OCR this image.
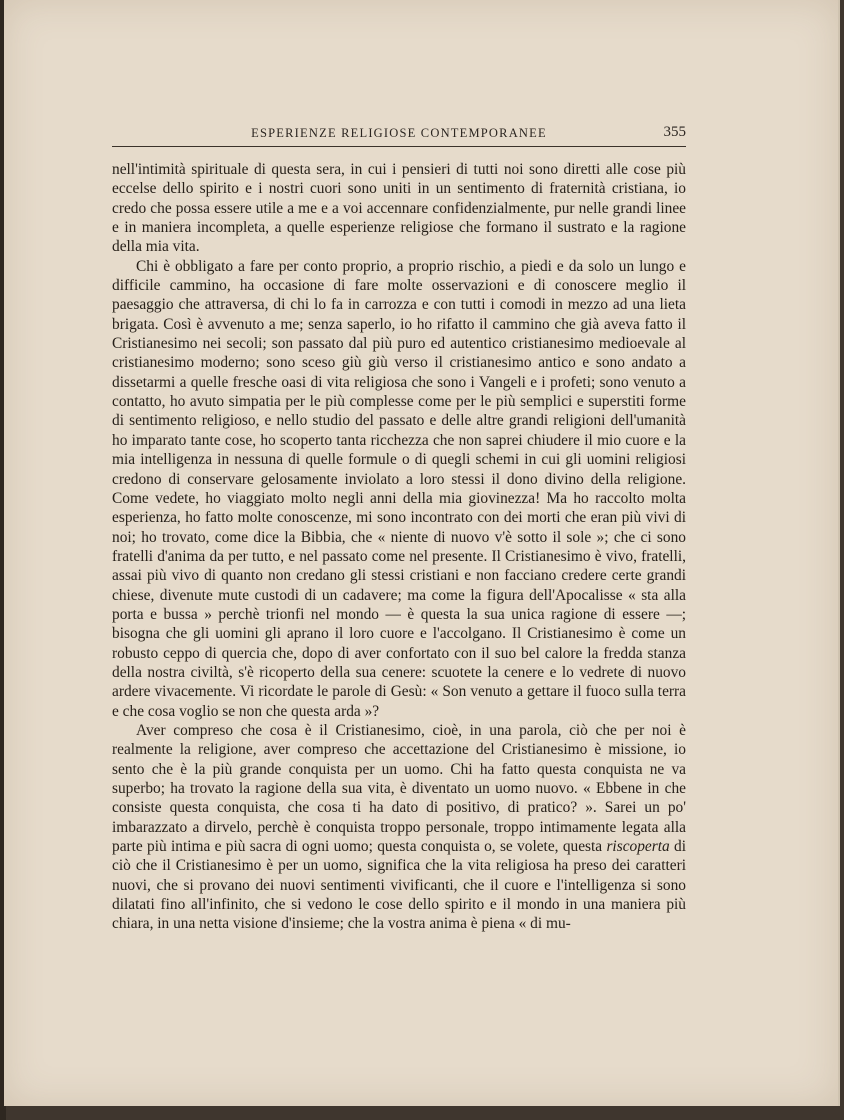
ESPERIENZE RELIGIOSE CONTEMPORANEE	355

nell'intimità spirituale di questa sera, in cui i pensieri di tutti noi sono diretti alle cose più eccelse dello spirito e i nostri cuori sono uniti in un sentimento di fraternità cristiana, io credo che possa essere utile a me e a voi accennare confidenzialmente, pur nelle grandi linee e in maniera incompleta, a quelle esperienze religiose che formano il sustrato e la ragione della mia vita.

Chi è obbligato a fare per conto proprio, a proprio rischio, a piedi e da solo un lungo e difficile cammino, ha occasione di fare molte osservazioni e di conoscere meglio il paesaggio che attraversa, di chi lo fa in carrozza e con tutti i comodi in mezzo ad una lieta brigata. Così è avvenuto a me; senza saperlo, io ho rifatto il cammino che già aveva fatto il Cristianesimo nei secoli; son passato dal più puro ed autentico cristianesimo medioevale al cristianesimo moderno; sono sceso giù giù verso il cristianesimo antico e sono andato a dissetarmi a quelle fresche oasi di vita religiosa che sono i Vangeli e i profeti; sono venuto a contatto, ho avuto simpatia per le più complesse come per le più semplici e superstiti forme di sentimento religioso, e nello studio del passato e delle altre grandi religioni dell'umanità ho imparato tante cose, ho scoperto tanta ricchezza che non saprei chiudere il mio cuore e la mia intelligenza in nessuna di quelle formule o di quegli schemi in cui gli uomini religiosi credono di conservare gelosamente inviolato a loro stessi il dono divino della religione. Come vedete, ho viaggiato molto negli anni della mia giovinezza! Ma ho raccolto molta esperienza, ho fatto molte conoscenze, mi sono incontrato con dei morti che eran più vivi di noi; ho trovato, come dice la Bibbia, che « niente di nuovo v'è sotto il sole »; che ci sono fratelli d'anima da per tutto, e nel passato come nel presente. Il Cristianesimo è vivo, fratelli, assai più vivo di quanto non credano gli stessi cristiani e non facciano credere certe grandi chiese, divenute mute custodi di un cadavere; ma come la figura dell'Apocalisse « sta alla porta e bussa » perchè trionfi nel mondo — è questa la sua unica ragione di essere —; bisogna che gli uomini gli aprano il loro cuore e l'accolgano. Il Cristianesimo è come un robusto ceppo di quercia che, dopo di aver confortato con il suo bel calore la fredda stanza della nostra civiltà, s'è ricoperto della sua cenere: scuotete la cenere e lo vedrete di nuovo ardere vivacemente. Vi ricordate le parole di Gesù: « Son venuto a gettare il fuoco sulla terra e che cosa voglio se non che questa arda »?

Aver compreso che cosa è il Cristianesimo, cioè, in una parola, ciò che per noi è realmente la religione, aver compreso che accettazione del Cristianesimo è missione, io sento che è la più grande conquista per un uomo. Chi ha fatto questa conquista ne va superbo; ha trovato la ragione della sua vita, è diventato un uomo nuovo. « Ebbene in che consiste questa conquista, che cosa ti ha dato di positivo, di pratico? ». Sarei un po' imbarazzato a dirvelo, perchè è conquista troppo personale, troppo intimamente legata alla parte più intima e più sacra di ogni uomo; questa conquista o, se volete, questa riscoperta di ciò che il Cristianesimo è per un uomo, significa che la vita religiosa ha preso dei caratteri nuovi, che si provano dei nuovi sentimenti vivificanti, che il cuore e l'intelligenza si sono dilatati fino all'infinito, che si vedono le cose dello spirito e il mondo in una maniera più chiara, in una netta visione d'insieme; che la vostra anima è piena « di mu-
